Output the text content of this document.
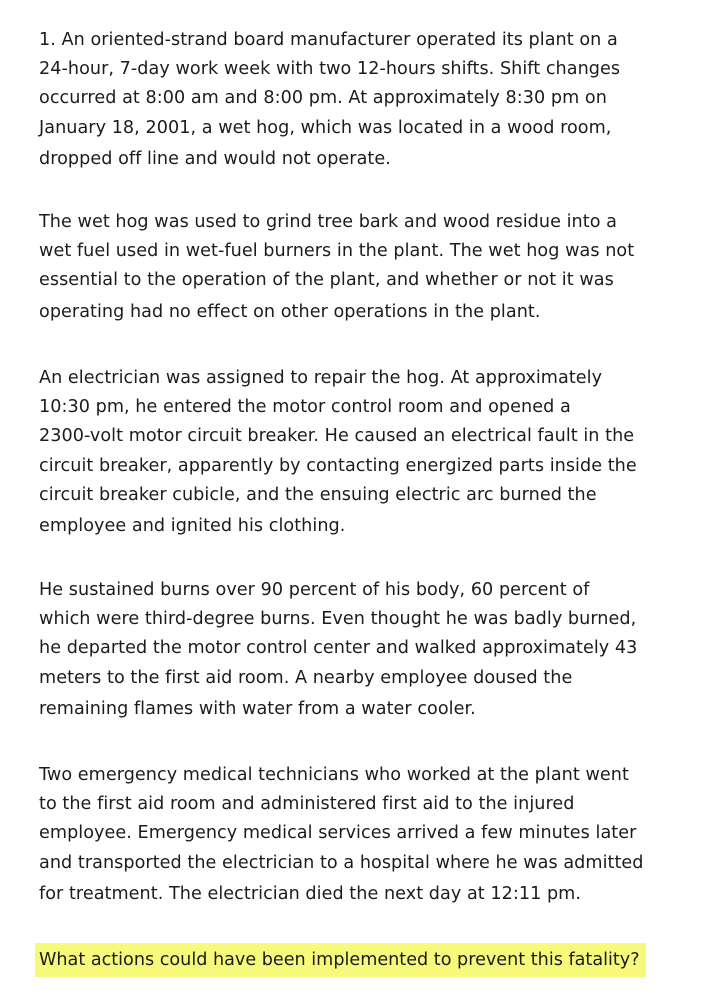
1. An oriented-strand board manufacturer operated its plant on a
24-hour, 7-day work week with two 12-hours shifts. Shift changes
occurred at 8:00 am and 8:00 pm. At approximately 8:30 pm on
January 18, 2001, a wet hog, which was located in a wood room,
dropped off line and would not operate.

The wet hog was used to grind tree bark and wood residue into a
wet fuel used in wet-fuel burners in the plant. The wet hog was not
essential to the operation of the plant, and whether or not it was
operating had no effect on other operations in the plant.

An electrician was assigned to repair the hog. At approximately
10:30 pm, he entered the motor control room and opened a
2300-volt motor circuit breaker. He caused an electrical fault in the
circuit breaker, apparently by contacting energized parts inside the
circuit breaker cubicle, and the ensuing electric arc burned the
employee and ignited his clothing.

He sustained burns over 90 percent of his body, 60 percent of
which were third-degree burns. Even thought he was badly burned,
he departed the motor control center and walked approximately 43
meters to the first aid room. A nearby employee doused the
remaining flames with water from a water cooler.

Two emergency medical technicians who worked at the plant went
to the first aid room and administered first aid to the injured
employee. Emergency medical services arrived a few minutes later
and transported the electrician to a hospital where he was admitted
for treatment. The electrician died the next day at 12:11 pm.

What actions could have been implemented to prevent this fatality?
